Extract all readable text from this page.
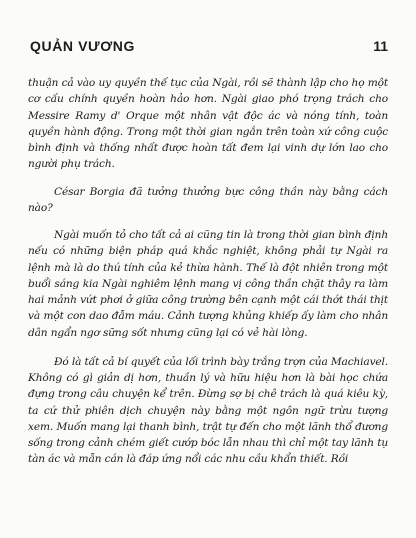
QUẢN VƯƠNG	11

thuận cả vào uy quyền thế tục của Ngài, rồi sẽ thành lập cho họ một cơ cấu chính quyền hoàn hảo hơn. Ngài giao phó trọng trách cho Messire Ramy d' Orque một nhân vật độc ác và nóng tính, toàn quyền hành động. Trong một thời gian ngắn trên toàn xứ công cuộc bình định và thống nhất được hoàn tất đem lại vinh dự lớn lao cho người phụ trách.

César Borgia đã tưởng thưởng bực công thần này bằng cách nào?

Ngài muốn tỏ cho tất cả ai cũng tin là trong thời gian bình định nếu có những biện pháp quá khắc nghiệt, không phải tự Ngài ra lệnh mà là do thú tính của kẻ thừa hành. Thế là đột nhiên trong một buổi sáng kia Ngài nghiêm lệnh mang vị công thần chặt thây ra làm hai mảnh vứt phơi ở giữa công trường bên cạnh một cái thớt thái thịt và một con dao đẫm máu. Cảnh tượng khủng khiếp ấy làm cho nhân dân ngẩn ngơ sững sốt nhưng cũng lại có vẻ hài lòng.

Đó là tất cả bí quyết của lối trình bày trắng trợn của Machiavel. Không có gì giản dị hơn, thuần lý và hữu hiệu hơn là bài học chứa đựng trong câu chuyện kể trên. Đừng sợ bị chê trách là quá kiêu kỳ, ta cứ thử phiên dịch chuyện này bằng một ngôn ngữ trừu tượng xem. Muốn mang lại thanh bình, trật tự đến cho một lãnh thổ đương sống trong cảnh chém giết cướp bóc lẫn nhau thì chỉ một tay lãnh tụ tàn ác và mẫn cán là đáp ứng nổi các nhu cầu khẩn thiết. Rồi
